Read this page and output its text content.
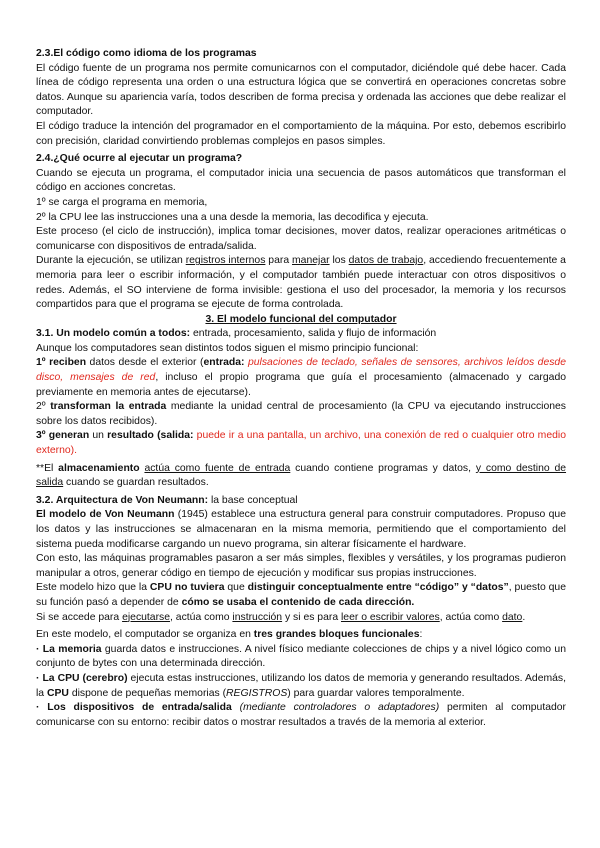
2.3.El código como idioma de los programas

El código fuente de un programa nos permite comunicarnos con el computador, diciéndole qué debe hacer. Cada línea de código representa una orden o una estructura lógica que se convertirá en operaciones concretas sobre datos. Aunque su apariencia varía, todos describen de forma precisa y ordenada las acciones que debe realizar el computador.

El código traduce la intención del programador en el comportamiento de la máquina. Por esto, debemos escribirlo con precisión, claridad convirtiendo problemas complejos en pasos simples.

2.4.¿Qué ocurre al ejecutar un programa?

Cuando se ejecuta un programa, el computador inicia una secuencia de pasos automáticos que transforman el código en acciones concretas.

1º se carga el programa en memoria,

2º la CPU lee las instrucciones una a una desde la memoria, las decodifica y ejecuta.

Este proceso (el ciclo de instrucción), implica tomar decisiones, mover datos, realizar operaciones aritméticas o comunicarse con dispositivos de entrada/salida.

Durante la ejecución, se utilizan registros internos para manejar los datos de trabajo, accediendo frecuentemente a memoria para leer o escribir información, y el computador también puede interactuar con otros dispositivos o redes. Además, el SO interviene de forma invisible: gestiona el uso del procesador, la memoria y los recursos compartidos para que el programa se ejecute de forma controlada.

3. El modelo funcional del computador

3.1. Un modelo común a todos: entrada, procesamiento, salida y flujo de información

Aunque los computadores sean distintos todos siguen el mismo principio funcional:

1º reciben datos desde el exterior (entrada: pulsaciones de teclado, señales de sensores, archivos leídos desde disco, mensajes de red, incluso el propio programa que guía el procesamiento (almacenado y cargado previamente en memoria antes de ejecutarse).

2º transforman la entrada mediante la unidad central de procesamiento (la CPU va ejecutando instrucciones sobre los datos recibidos).

3º generan un resultado (salida: puede ir a una pantalla, un archivo, una conexión de red o cualquier otro medio externo).

**El almacenamiento actúa como fuente de entrada cuando contiene programas y datos, y como destino de salida cuando se guardan resultados.

3.2. Arquitectura de Von Neumann: la base conceptual

El modelo de Von Neumann (1945) establece una estructura general para construir computadores. Propuso que los datos y las instrucciones se almacenaran en la misma memoria, permitiendo que el comportamiento del sistema pueda modificarse cargando un nuevo programa, sin alterar físicamente el hardware.

Con esto, las máquinas programables pasaron a ser más simples, flexibles y versátiles, y los programas pudieron manipular a otros, generar código en tiempo de ejecución y modificar sus propias instrucciones.

Este modelo hizo que la CPU no tuviera que distinguir conceptualmente entre “código” y “datos”, puesto que su función pasó a depender de cómo se usaba el contenido de cada dirección.

Si se accede para ejecutarse, actúa como instrucción y si es para leer o escribir valores, actúa como dato.

En este modelo, el computador se organiza en tres grandes bloques funcionales:

· La memoria guarda datos e instrucciones. A nivel físico mediante colecciones de chips y a nivel lógico como un conjunto de bytes con una determinada dirección.

· La CPU (cerebro) ejecuta estas instrucciones, utilizando los datos de memoria y generando resultados. Además, la CPU dispone de pequeñas memorias (REGISTROS) para guardar valores temporalmente.

· Los dispositivos de entrada/salida (mediante controladores o adaptadores) permiten al computador comunicarse con su entorno: recibir datos o mostrar resultados a través de la memoria al exterior.
